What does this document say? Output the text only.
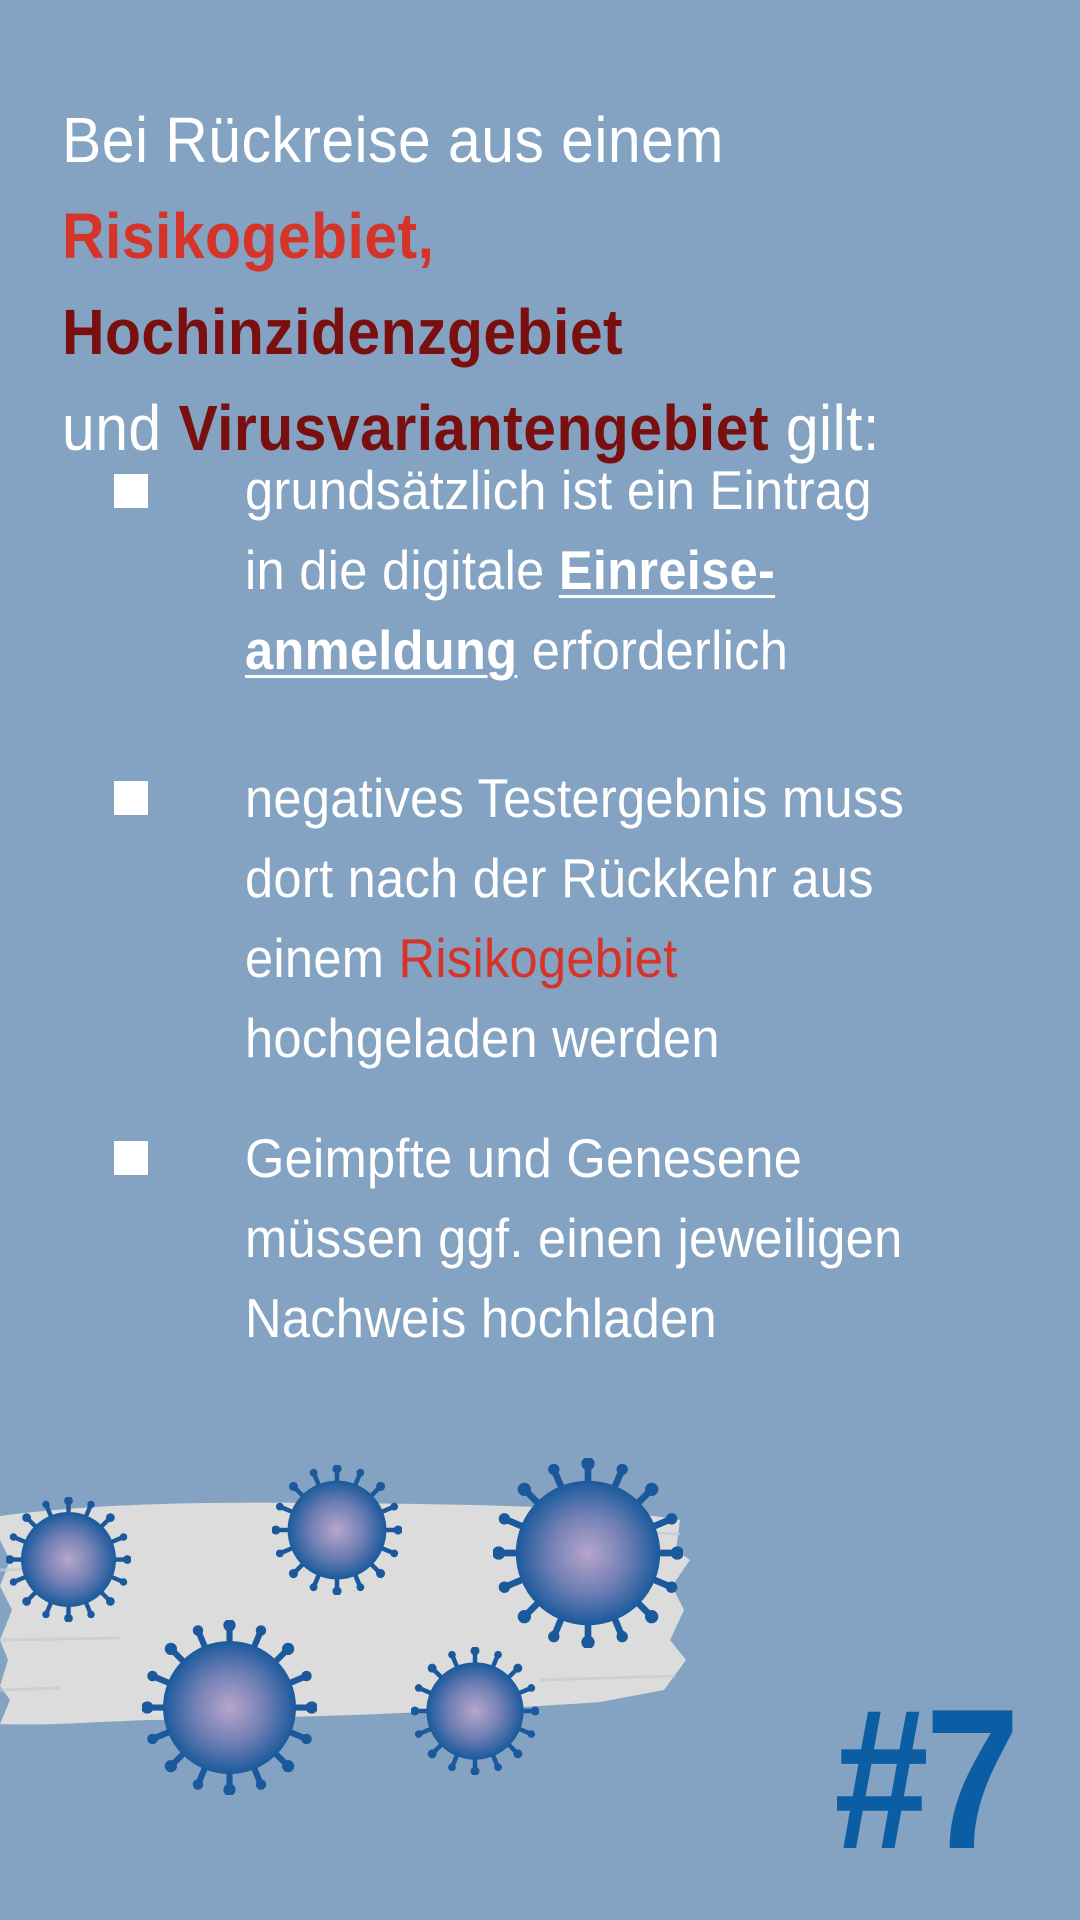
Bei Rückreise aus einem
Risikogebiet, Hochinzidenzgebiet
und Virusvariantengebiet gilt:
grundsätzlich ist ein Eintrag
in die digitale Einreise-
anmeldung erforderlich
negatives Testergebnis muss
dort nach der Rückkehr aus
einem Risikogebiet
hochgeladen werden
Geimpfte und Genesene
müssen ggf. einen jeweiligen
Nachweis hochladen
#7
